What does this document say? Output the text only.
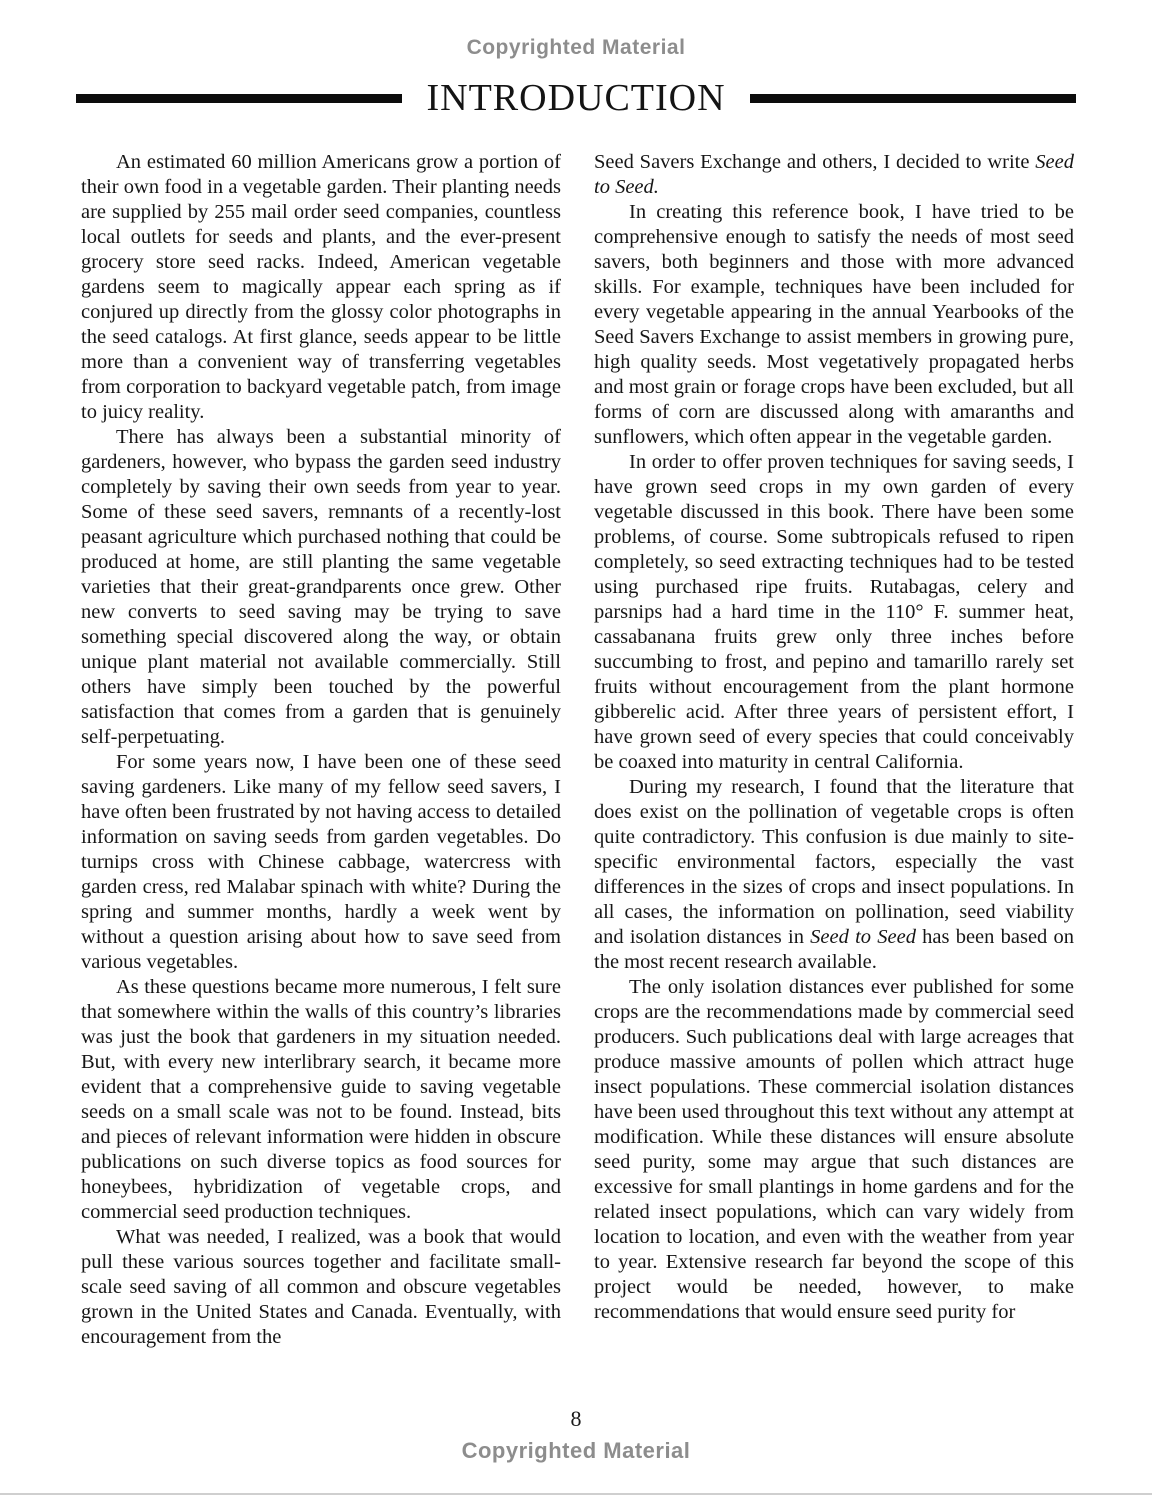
Copyrighted Material
INTRODUCTION

An estimated 60 million Americans grow a portion of their own food in a vegetable garden. Their planting needs are supplied by 255 mail order seed companies, countless local outlets for seeds and plants, and the ever-present grocery store seed racks. Indeed, American vegetable gardens seem to magically appear each spring as if conjured up directly from the glossy color photographs in the seed catalogs. At first glance, seeds appear to be little more than a convenient way of transferring vegetables from corporation to backyard vegetable patch, from image to juicy reality.

There has always been a substantial minority of gardeners, however, who bypass the garden seed industry completely by saving their own seeds from year to year. Some of these seed savers, remnants of a recently-lost peasant agriculture which purchased nothing that could be produced at home, are still planting the same vegetable varieties that their great-grandparents once grew. Other new converts to seed saving may be trying to save something special discovered along the way, or obtain unique plant material not available commercially. Still others have simply been touched by the powerful satisfaction that comes from a garden that is genuinely self-perpetuating.

For some years now, I have been one of these seed saving gardeners. Like many of my fellow seed savers, I have often been frustrated by not having access to detailed information on saving seeds from garden vegetables. Do turnips cross with Chinese cabbage, watercress with garden cress, red Malabar spinach with white? During the spring and summer months, hardly a week went by without a question arising about how to save seed from various vegetables.

As these questions became more numerous, I felt sure that somewhere within the walls of this country’s libraries was just the book that gardeners in my situation needed. But, with every new interlibrary search, it became more evident that a comprehensive guide to saving vegetable seeds on a small scale was not to be found. Instead, bits and pieces of relevant information were hidden in obscure publications on such diverse topics as food sources for honeybees, hybridization of vegetable crops, and commercial seed production techniques.

What was needed, I realized, was a book that would pull these various sources together and facilitate small-scale seed saving of all common and obscure vegetables grown in the United States and Canada. Eventually, with encouragement from the

Seed Savers Exchange and others, I decided to write Seed to Seed.

In creating this reference book, I have tried to be comprehensive enough to satisfy the needs of most seed savers, both beginners and those with more advanced skills. For example, techniques have been included for every vegetable appearing in the annual Yearbooks of the Seed Savers Exchange to assist members in growing pure, high quality seeds. Most vegetatively propagated herbs and most grain or forage crops have been excluded, but all forms of corn are discussed along with amaranths and sunflowers, which often appear in the vegetable garden.

In order to offer proven techniques for saving seeds, I have grown seed crops in my own garden of every vegetable discussed in this book. There have been some problems, of course. Some subtropicals refused to ripen completely, so seed extracting techniques had to be tested using purchased ripe fruits. Rutabagas, celery and parsnips had a hard time in the 110° F. summer heat, cassabanana fruits grew only three inches before succumbing to frost, and pepino and tamarillo rarely set fruits without encouragement from the plant hormone gibberelic acid. After three years of persistent effort, I have grown seed of every species that could conceivably be coaxed into maturity in central California.

During my research, I found that the literature that does exist on the pollination of vegetable crops is often quite contradictory. This confusion is due mainly to site-specific environmental factors, especially the vast differences in the sizes of crops and insect populations. In all cases, the information on pollination, seed viability and isolation distances in Seed to Seed has been based on the most recent research available.

The only isolation distances ever published for some crops are the recommendations made by commercial seed producers. Such publications deal with large acreages that produce massive amounts of pollen which attract huge insect populations. These commercial isolation distances have been used throughout this text without any attempt at modification. While these distances will ensure absolute seed purity, some may argue that such distances are excessive for small plantings in home gardens and for the related insect populations, which can vary widely from location to location, and even with the weather from year to year. Extensive research far beyond the scope of this project would be needed, however, to make recommendations that would ensure seed purity for

8
Copyrighted Material
